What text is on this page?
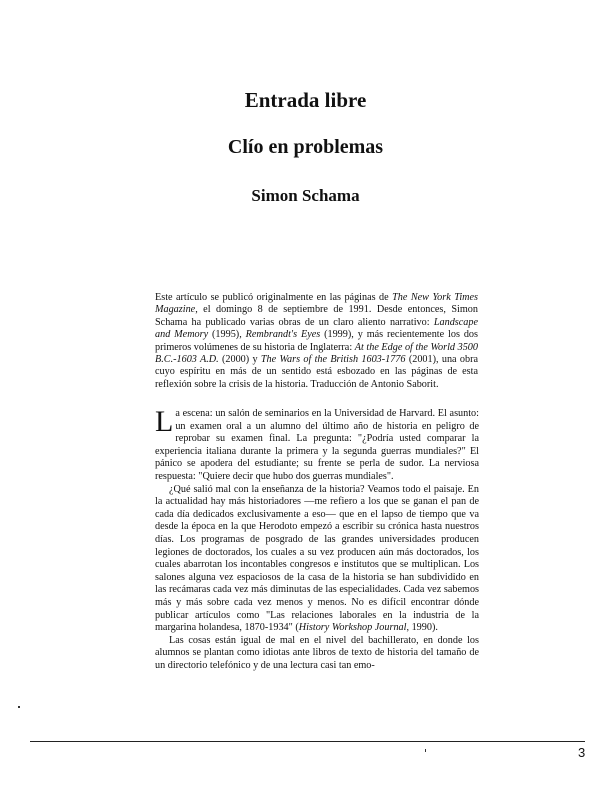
Entrada libre
Clío en problemas
Simon Schama
Este artículo se publicó originalmente en las páginas de The New York Times Magazine, el domingo 8 de septiembre de 1991. Desde entonces, Simon Schama ha publicado varias obras de un claro aliento narrativo: Landscape and Memory (1995), Rembrandt's Eyes (1999), y más recientemente los dos primeros volúmenes de su historia de Inglaterra: At the Edge of the World 3500 B.C.-1603 A.D. (2000) y The Wars of the British 1603-1776 (2001), una obra cuyo espíritu en más de un sentido está esbozado en las páginas de esta reflexión sobre la crisis de la historia. Traducción de Antonio Saborit.

La escena: un salón de seminarios en la Universidad de Harvard. El asunto: un examen oral a un alumno del último año de historia en peligro de reprobar su examen final. La pregunta: "¿Podría usted comparar la experiencia italiana durante la primera y la segunda guerras mundiales?" El pánico se apodera del estudiante; su frente se perla de sudor. La nerviosa respuesta: "Quiere decir que hubo dos guerras mundiales".

¿Qué salió mal con la enseñanza de la historia? Veamos todo el paisaje. En la actualidad hay más historiadores —me refiero a los que se ganan el pan de cada día dedicados exclusivamente a eso— que en el lapso de tiempo que va desde la época en la que Herodoto empezó a escribir su crónica hasta nuestros días. Los programas de posgrado de las grandes universidades producen legiones de doctorados, los cuales a su vez producen aún más doctorados, los cuales abarrotan los incontables congresos e institutos que se multiplican. Los salones alguna vez espaciosos de la casa de la historia se han subdividido en las recámaras cada vez más diminutas de las especialidades. Cada vez sabemos más y más sobre cada vez menos y menos. No es difícil encontrar dónde publicar artículos como "Las relaciones laborales en la industria de la margarina holandesa, 1870-1934" (History Workshop Journal, 1990).

Las cosas están igual de mal en el nivel del bachillerato, en donde los alumnos se plantan como idiotas ante libros de texto de historia del tamaño de un directorio telefónico y de una lectura casi tan emo-

3
